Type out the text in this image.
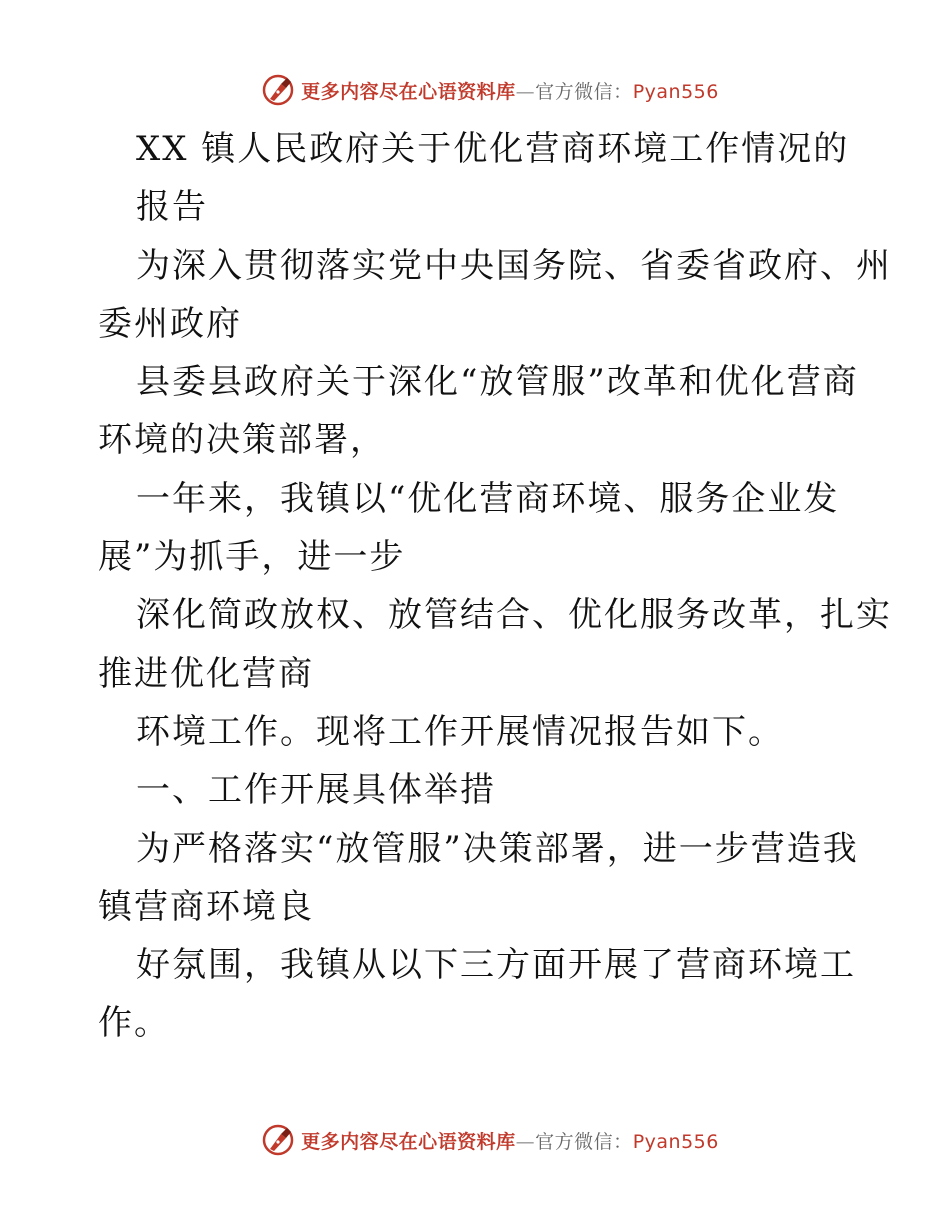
更多内容尽在心语资料库—官方微信：Pyan556

XX 镇人民政府关于优化营商环境工作情况的

报告

为深入贯彻落实党中央国务院、省委省政府、州
委州政府

县委县政府关于深化“放管服”改革和优化营商
环境的决策部署，

一年来，我镇以“优化营商环境、服务企业发
展”为抓手，进一步

深化简政放权、放管结合、优化服务改革，扎实
推进优化营商

环境工作。现将工作开展情况报告如下。

一、工作开展具体举措

为严格落实“放管服”决策部署，进一步营造我
镇营商环境良

好氛围，我镇从以下三方面开展了营商环境工
作。

更多内容尽在心语资料库—官方微信：Pyan556
